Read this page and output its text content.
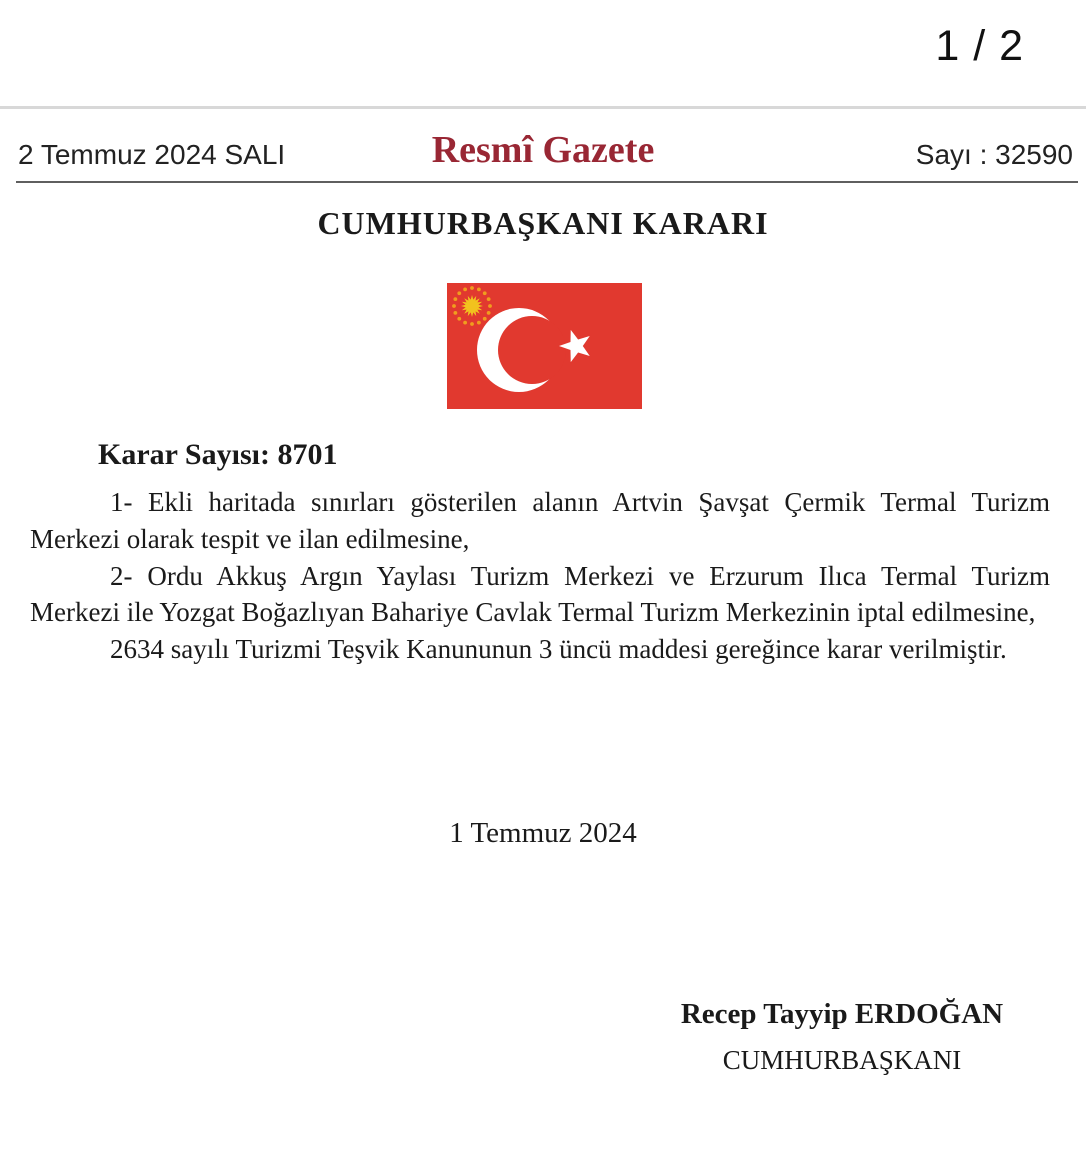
1 / 2
2 Temmuz 2024 SALI	Resmî Gazete	Sayı : 32590
CUMHURBAŞKANI KARARI
Karar Sayısı: 8701

1- Ekli haritada sınırları gösterilen alanın Artvin Şavşat Çermik Termal Turizm Merkezi olarak tespit ve ilan edilmesine,

2- Ordu Akkuş Argın Yaylası Turizm Merkezi ve Erzurum Ilıca Termal Turizm Merkezi ile Yozgat Boğazlıyan Bahariye Cavlak Termal Turizm Merkezinin iptal edilmesine,

2634 sayılı Turizmi Teşvik Kanununun 3 üncü maddesi gereğince karar verilmiştir.

1 Temmuz 2024

Recep Tayyip ERDOĞAN

CUMHURBAŞKANI
